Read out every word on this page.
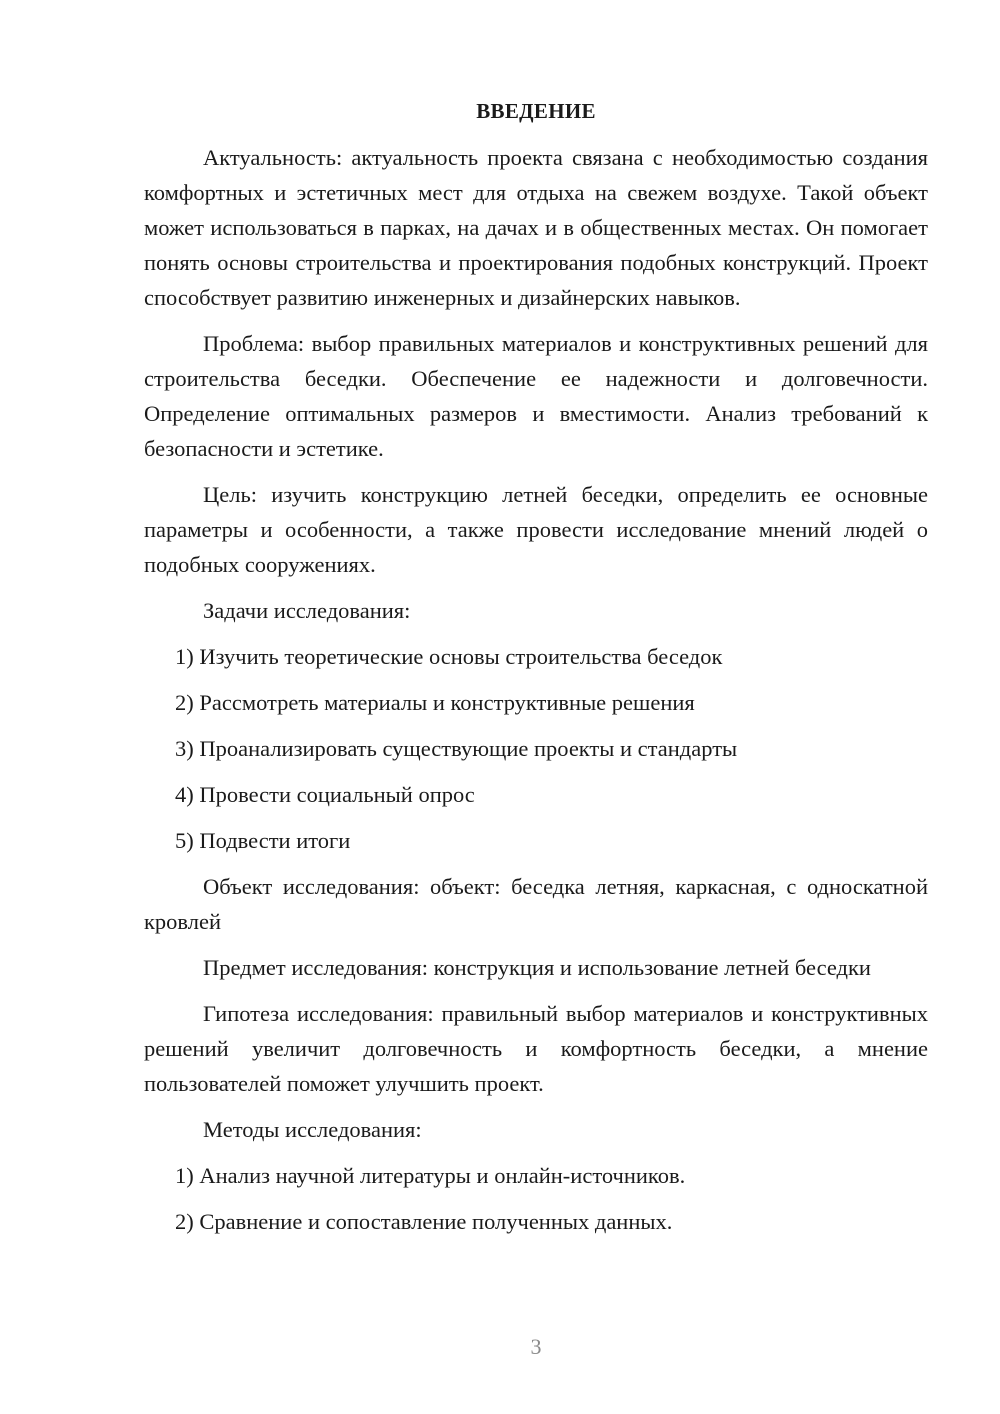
ВВЕДЕНИЕ

Актуальность: актуальность проекта связана с необходимостью создания комфортных и эстетичных мест для отдыха на свежем воздухе. Такой объект может использоваться в парках, на дачах и в общественных местах. Он помогает понять основы строительства и проектирования подобных конструкций. Проект способствует развитию инженерных и дизайнерских навыков.

Проблема: выбор правильных материалов и конструктивных решений для строительства беседки. Обеспечение ее надежности и долговечности. Определение оптимальных размеров и вместимости. Анализ требований к безопасности и эстетике.

Цель: изучить конструкцию летней беседки, определить ее основные параметры и особенности, а также провести исследование мнений людей о подобных сооружениях.

Задачи исследования:

1) Изучить теоретические основы строительства беседок

2) Рассмотреть материалы и конструктивные решения

3) Проанализировать существующие проекты и стандарты

4) Провести социальный опрос

5) Подвести итоги

Объект исследования: объект: беседка летняя, каркасная, с односкатной кровлей

Предмет исследования: конструкция и использование летней беседки

Гипотеза исследования: правильный выбор материалов и конструктивных решений увеличит долговечность и комфортность беседки, а мнение пользователей поможет улучшить проект.

Методы исследования:

1) Анализ научной литературы и онлайн-источников.

2) Сравнение и сопоставление полученных данных.

3
